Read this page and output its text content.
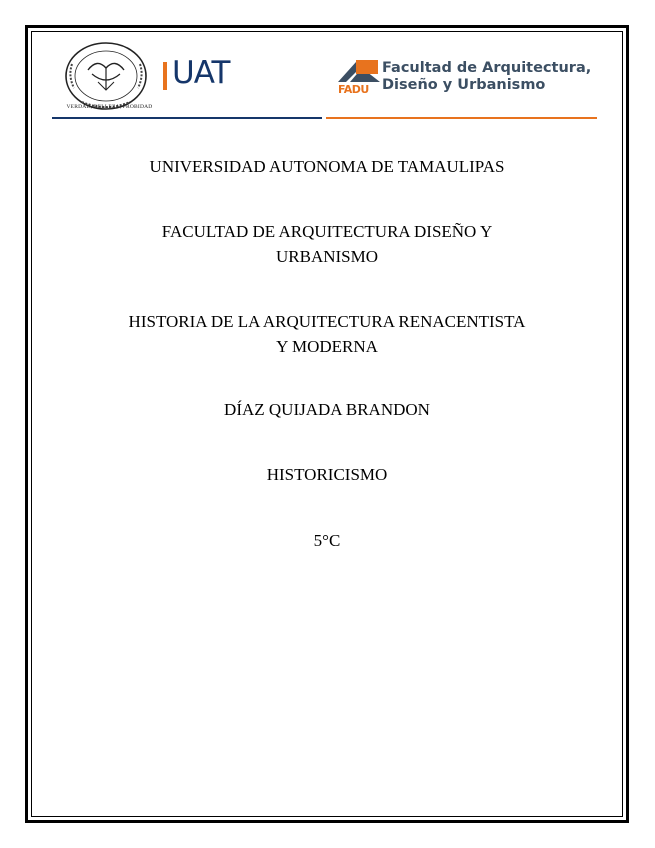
VERDAD, BELLEZA, PROBIDAD
UAT	FADU
Facultad de Arquitectura,
Diseño y Urbanismo
UNIVERSIDAD AUTONOMA DE TAMAULIPAS
FACULTAD DE ARQUITECTURA DISEÑO Y
URBANISMO
HISTORIA DE LA ARQUITECTURA RENACENTISTA
Y MODERNA
DÍAZ QUIJADA BRANDON
HISTORICISMO
5°C
